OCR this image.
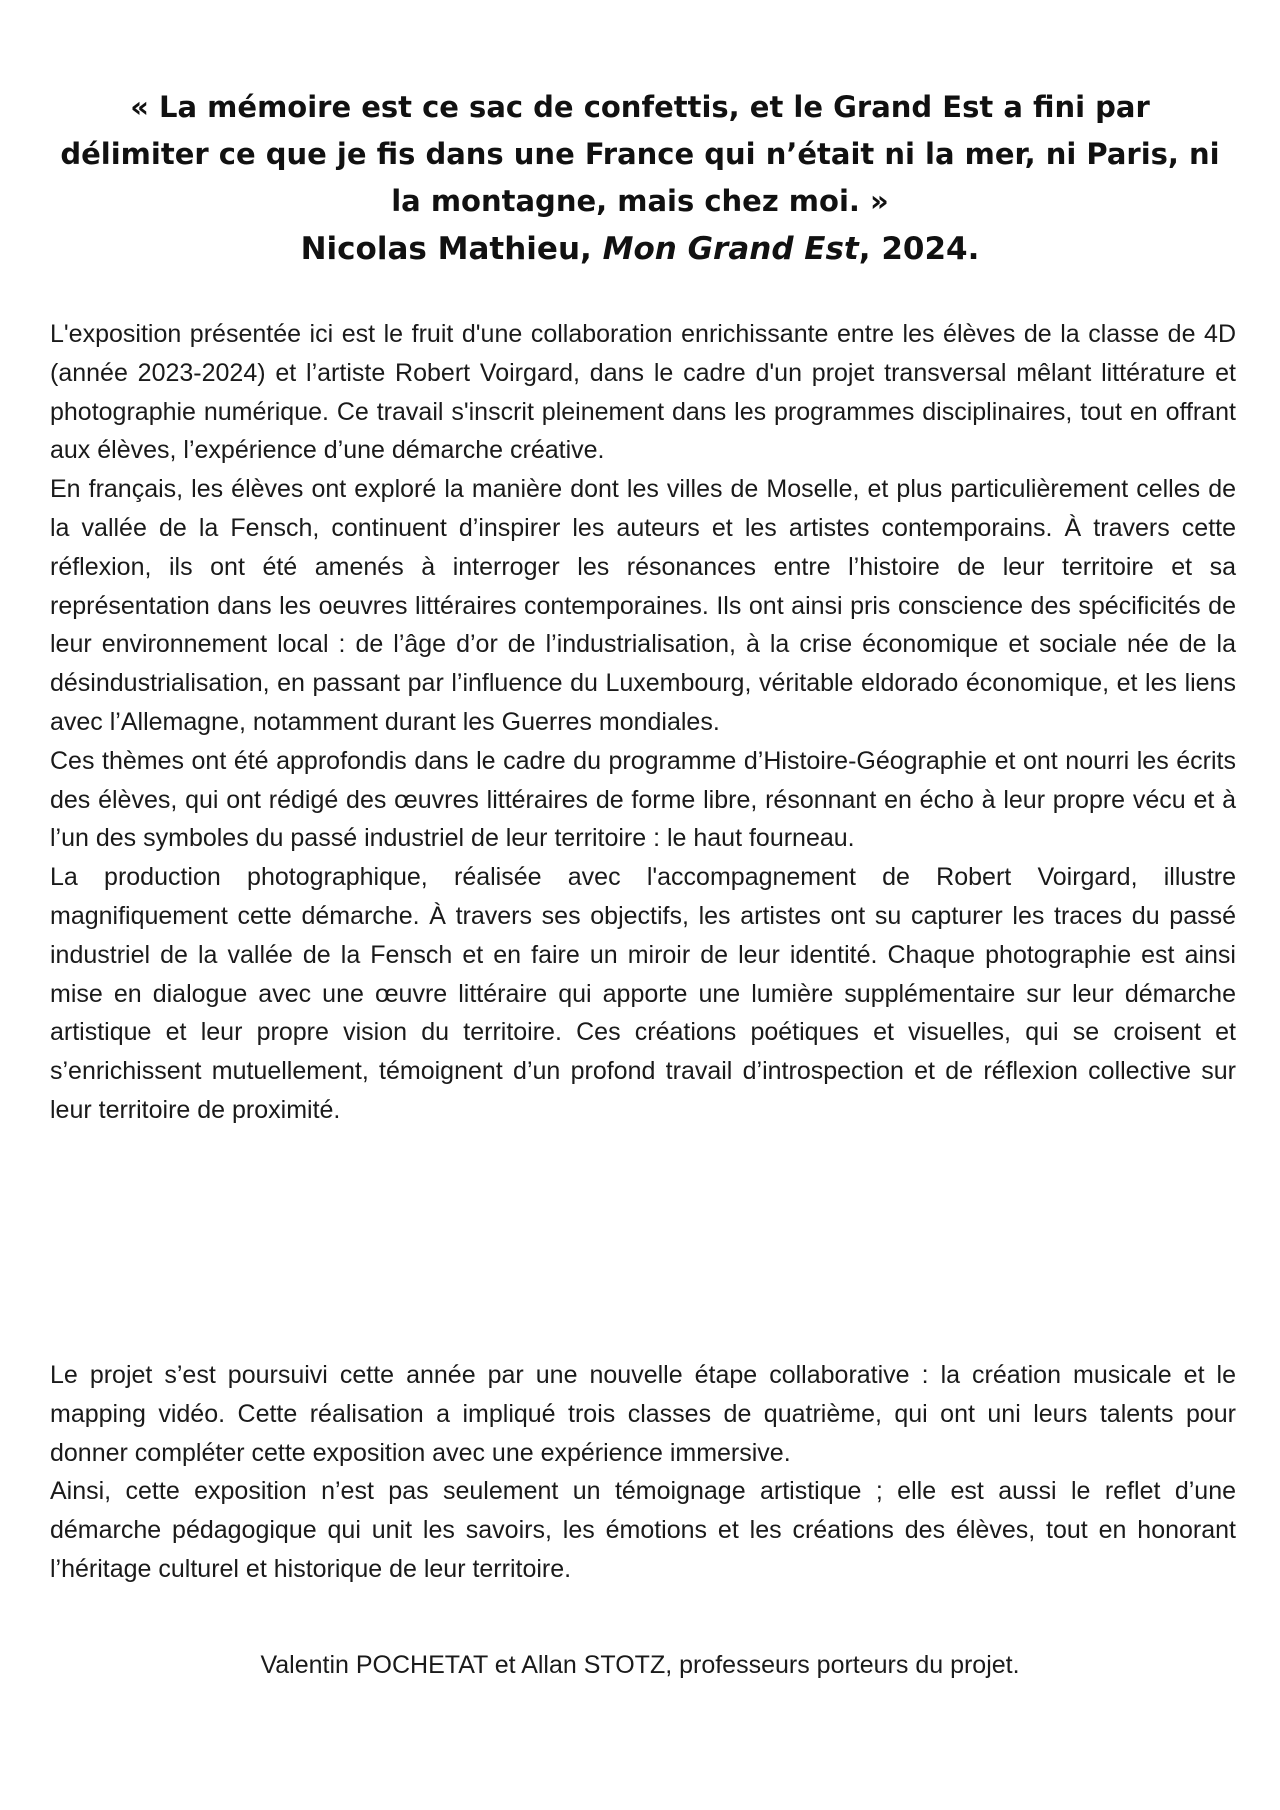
« La mémoire est ce sac de confettis, et le Grand Est a fini par délimiter ce que je fis dans une France qui n’était ni la mer, ni Paris, ni la montagne, mais chez moi. »
Nicolas Mathieu, Mon Grand Est, 2024.

L'exposition présentée ici est le fruit d'une collaboration enrichissante entre les élèves de la classe de 4D (année 2023-2024) et l’artiste Robert Voirgard, dans le cadre d'un projet transversal mêlant littérature et photographie numérique. Ce travail s'inscrit pleinement dans les programmes disciplinaires, tout en offrant aux élèves, l’expérience d’une démarche créative.

En français, les élèves ont exploré la manière dont les villes de Moselle, et plus particulièrement celles de la vallée de la Fensch, continuent d’inspirer les auteurs et les artistes contemporains. À travers cette réflexion, ils ont été amenés à interroger les résonances entre l’histoire de leur territoire et sa représentation dans les oeuvres littéraires contemporaines. Ils ont ainsi pris conscience des spécificités de leur environnement local : de l’âge d’or de l’industrialisation, à la crise économique et sociale née de la désindustrialisation, en passant par l’influence du Luxembourg, véritable eldorado économique, et les liens avec l’Allemagne, notamment durant les Guerres mondiales.

Ces thèmes ont été approfondis dans le cadre du programme d’Histoire-Géographie et ont nourri les écrits des élèves, qui ont rédigé des œuvres littéraires de forme libre, résonnant en écho à leur propre vécu et à l’un des symboles du passé industriel de leur territoire : le haut fourneau.

La production photographique, réalisée avec l'accompagnement de Robert Voirgard, illustre magnifiquement cette démarche. À travers ses objectifs, les artistes ont su capturer les traces du passé industriel de la vallée de la Fensch et en faire un miroir de leur identité. Chaque photographie est ainsi mise en dialogue avec une œuvre littéraire qui apporte une lumière supplémentaire sur leur démarche artistique et leur propre vision du territoire. Ces créations poétiques et visuelles, qui se croisent et s’enrichissent mutuellement, témoignent d’un profond travail d’introspection et de réflexion collective sur leur territoire de proximité.

Le projet s’est poursuivi cette année par une nouvelle étape collaborative : la création musicale et le mapping vidéo. Cette réalisation a impliqué trois classes de quatrième, qui ont uni leurs talents pour donner compléter cette exposition avec une expérience immersive.

Ainsi, cette exposition n’est pas seulement un témoignage artistique ; elle est aussi le reflet d’une démarche pédagogique qui unit les savoirs, les émotions et les créations des élèves, tout en honorant l’héritage culturel et historique de leur territoire.

Valentin POCHETAT et Allan STOTZ, professeurs porteurs du projet.
